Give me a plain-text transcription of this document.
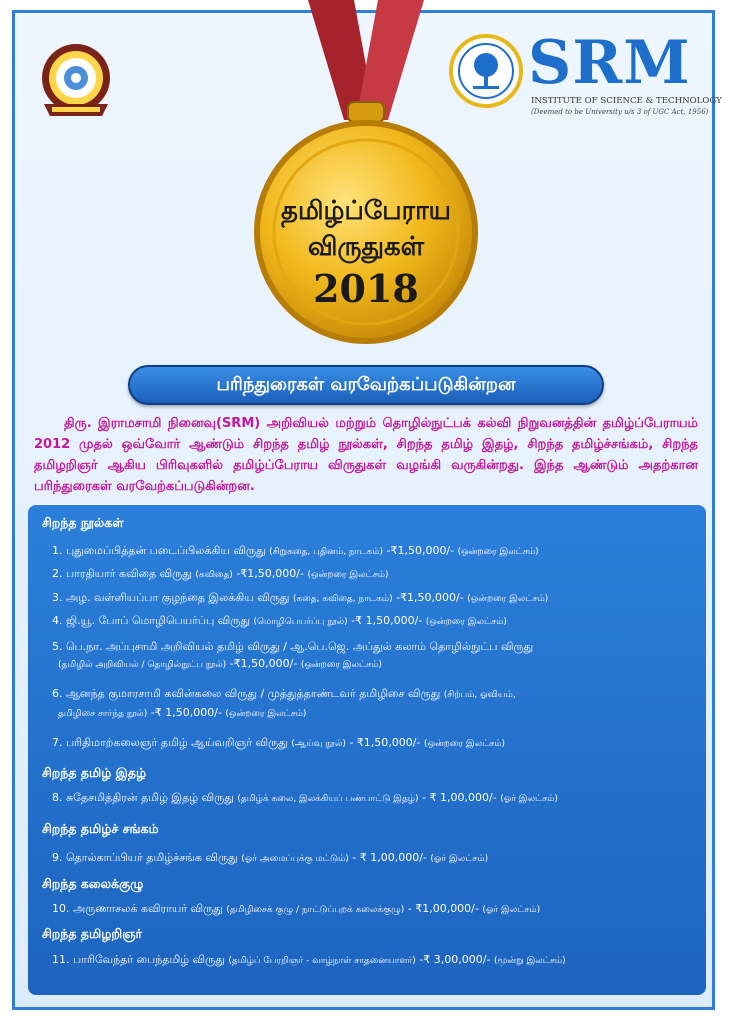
SRM
INSTITUTE OF SCIENCE & TECHNOLOGY
(Deemed to be University u/s 3 of UGC Act, 1956)
தமிழ்ப்பேராய
விருதுகள்
2018
பரிந்துரைகள் வரவேற்கப்படுகின்றன

திரு. இராமசாமி நினைவு(SRM) அறிவியல் மற்றும் தொழில்நுட்பக் கல்வி நிறுவனத்தின் தமிழ்ப்பேராயம் 2012 முதல் ஒவ்வோர் ஆண்டும் சிறந்த தமிழ் நூல்கள், சிறந்த தமிழ் இதழ், சிறந்த தமிழ்ச்சங்கம், சிறந்த தமிழறிஞர் ஆகிய பிரிவுகளில் தமிழ்ப்பேராய விருதுகள் வழங்கி வருகின்றது. இந்த ஆண்டும் அதற்கான பரிந்துரைகள் வரவேற்கப்படுகின்றன.

சிறந்த நூல்கள்
1. புதுமைப்பித்தன் படைப்பிலக்கிய விருது (சிறுகதை, புதினம், நாடகம்) -₹1,50,000/- (ஒன்றரை இலட்சம்)
2. பாரதியார் கவிதை விருது (கவிதை) -₹1,50,000/- (ஒன்றரை இலட்சம்)
3. அழ. வள்ளியப்பா குழந்தை இலக்கிய விருது (கதை, கவிதை, நாடகம்) -₹1,50,000/- (ஒன்றரை இலட்சம்)
4. ஜி.யூ. போப் மொழிபெயர்ப்பு விருது (மொழிபெயர்ப்பு நூல்) -₹ 1,50,000/- (ஒன்றரை இலட்சம்)
5. பெ.நா. அப்புசாமி அறிவியல் தமிழ் விருது / ஆ.பெ.ஜெ. அப்துல் கலாம் தொழில்நுட்ப விருது
(தமிழில் அறிவியல் / தொழில்நுட்ப நூல்) -₹1,50,000/- (ஒன்றரை இலட்சம்)
6. ஆனந்த குமாரசாமி கவின்கலை விருது / முத்துத்தாண்டவர் தமிழிசை விருது (சிற்பம், ஓவியம்,
தமிழிசை சார்ந்த நூல்) -₹ 1,50,000/- (ஒன்றரை இலட்சம்)
7. பரிதிமாற்கலைஞர் தமிழ் ஆய்வறிஞர் விருது (ஆய்வு நூல்) - ₹1,50,000/- (ஒன்றரை இலட்சம்)
சிறந்த தமிழ் இதழ்
8. சுதேசமித்திரன் தமிழ் இதழ் விருது (தமிழ்க் கலை, இலக்கியப் பண்பாட்டு இதழ்) - ₹ 1,00,000/- (ஓர் இலட்சம்)
சிறந்த தமிழ்ச் சங்கம்
9. தொல்காப்பியர் தமிழ்ச்சங்க விருது (ஓர் அமைப்புக்கு மட்டும்) - ₹ 1,00,000/- (ஓர் இலட்சம்)
சிறந்த கலைக்குழு
10. அருணாசலக் கவிராயர் விருது (தமிழிசைக் குழு / நாட்டுப்புறக் கலைக்குழு) - ₹1,00,000/- (ஓர் இலட்சம்)
சிறந்த தமிழறிஞர்
11. பாரிவேந்தர் பைந்தமிழ் விருது (தமிழ்ப் பேரறிஞர் - வாழ்நாள் சாதனையாளர்) -₹ 3,00,000/- (மூன்று இலட்சம்)
